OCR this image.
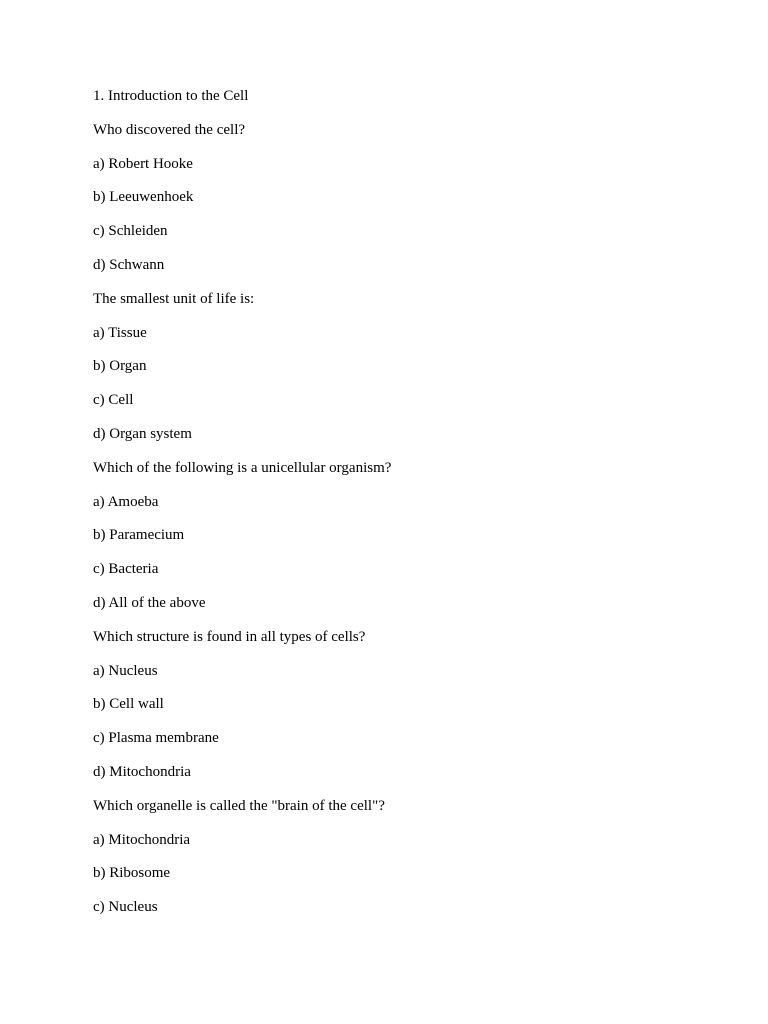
1. Introduction to the Cell
Who discovered the cell?
a) Robert Hooke
b) Leeuwenhoek
c) Schleiden
d) Schwann
The smallest unit of life is:
a) Tissue
b) Organ
c) Cell
d) Organ system
Which of the following is a unicellular organism?
a) Amoeba
b) Paramecium
c) Bacteria
d) All of the above
Which structure is found in all types of cells?
a) Nucleus
b) Cell wall
c) Plasma membrane
d) Mitochondria
Which organelle is called the "brain of the cell"?
a) Mitochondria
b) Ribosome
c) Nucleus
